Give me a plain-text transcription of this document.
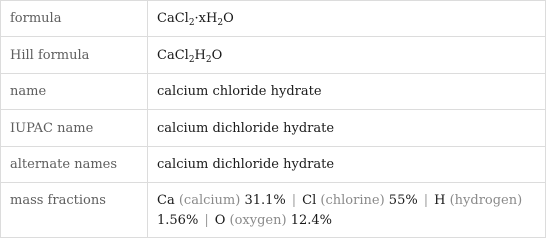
formula	$CaCl_2\cdot xH_2O$
Hill formula	$CaCl_2H_2O$
name	calcium chloride hydrate
IUPAC name	calcium dichloride hydrate
alternate names	calcium dichloride hydrate
mass fractions	Ca (calcium) 31.1% | Cl (chlorine) 55% | H (hydrogen)
1.56% | O (oxygen) 12.4%
